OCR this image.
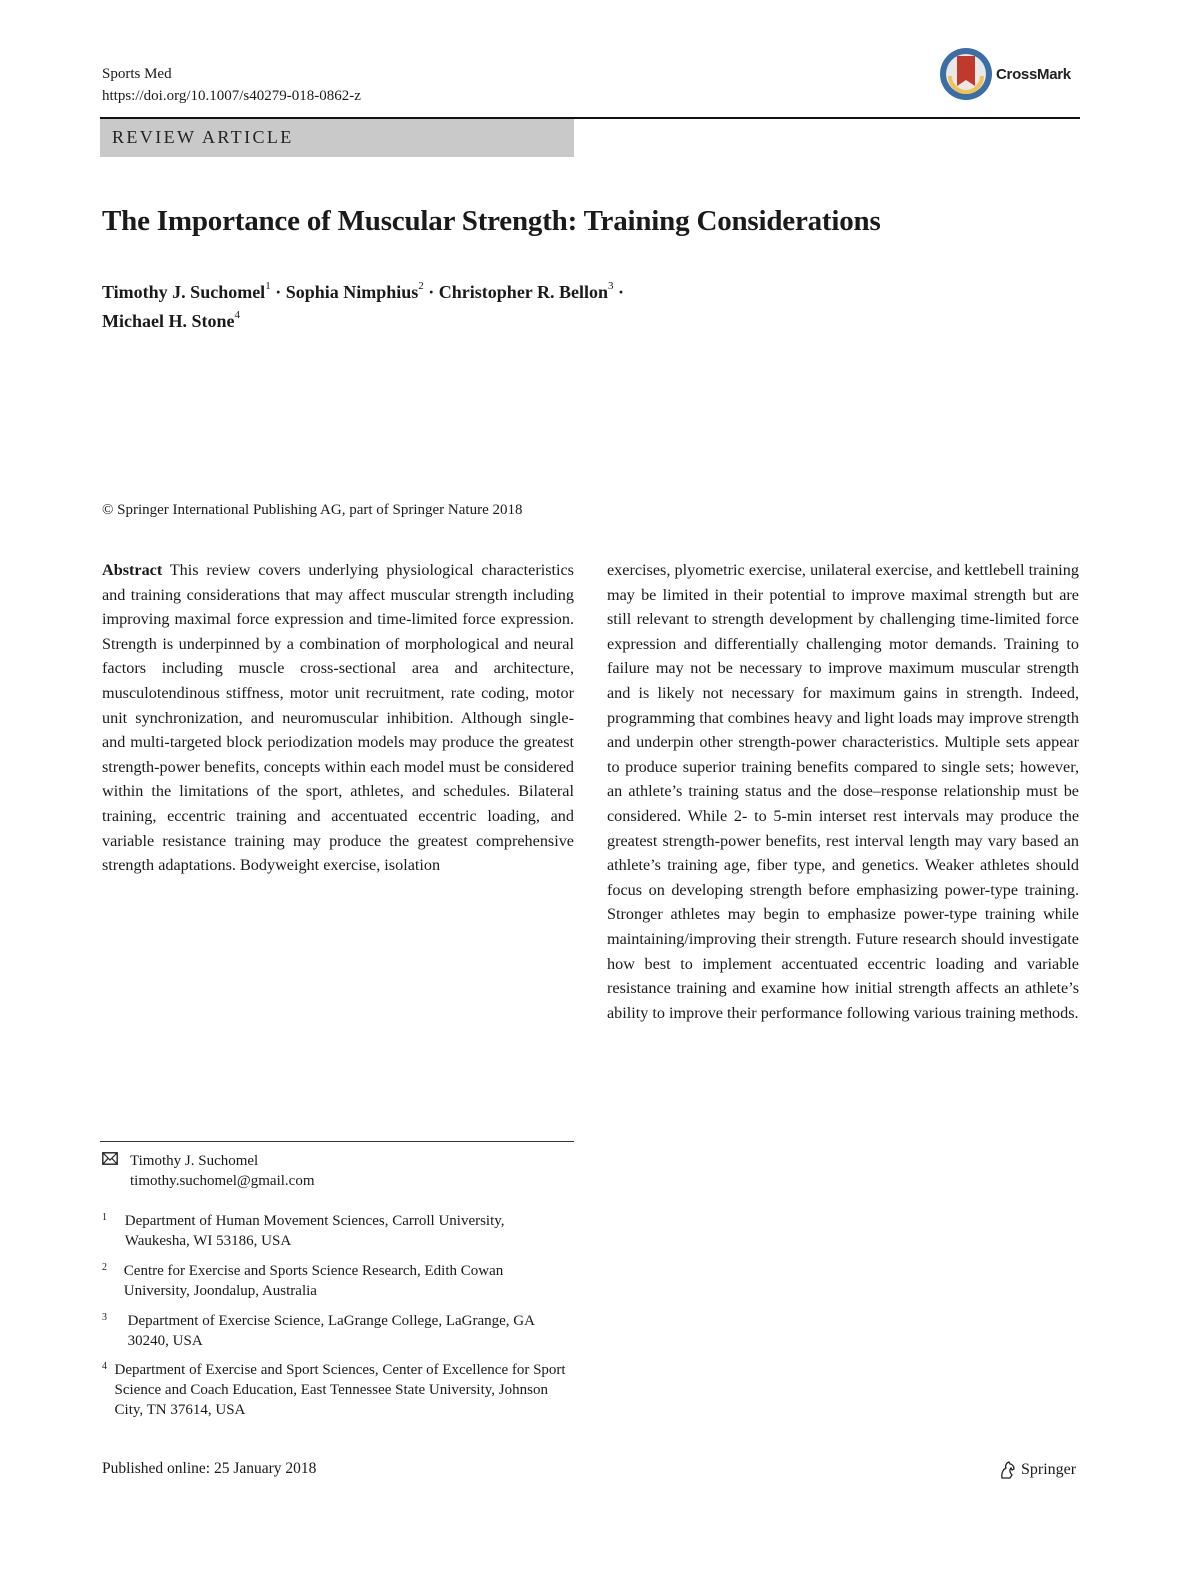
Sports Med
https://doi.org/10.1007/s40279-018-0862-z
CrossMark
REVIEW ARTICLE
The Importance of Muscular Strength: Training Considerations
Timothy J. Suchomel$^1$ · Sophia Nimphius$^2$ · Christopher R. Bellon$^3$ ·
Michael H. Stone$^4$
© Springer International Publishing AG, part of Springer Nature 2018
Abstract This review covers underlying physiological characteristics and training considerations that may affect muscular strength including improving maximal force expression and time-limited force expression. Strength is underpinned by a combination of morphological and neural factors including muscle cross-sectional area and architecture, musculotendinous stiffness, motor unit recruitment, rate coding, motor unit synchronization, and neuromuscular inhibition. Although single- and multi-targeted block periodization models may produce the greatest strength-power benefits, concepts within each model must be considered within the limitations of the sport, athletes, and schedules. Bilateral training, eccentric training and accentuated eccentric loading, and variable resistance training may produce the greatest comprehensive strength adaptations. Bodyweight exercise, isolation
exercises, plyometric exercise, unilateral exercise, and kettlebell training may be limited in their potential to improve maximal strength but are still relevant to strength development by challenging time-limited force expression and differentially challenging motor demands. Training to failure may not be necessary to improve maximum muscular strength and is likely not necessary for maximum gains in strength. Indeed, programming that combines heavy and light loads may improve strength and underpin other strength-power characteristics. Multiple sets appear to produce superior training benefits compared to single sets; however, an athlete’s training status and the dose–response relationship must be considered. While 2- to 5-min interset rest intervals may produce the greatest strength-power benefits, rest interval length may vary based an athlete’s training age, fiber type, and genetics. Weaker athletes should focus on developing strength before emphasizing power-type training. Stronger athletes may begin to emphasize power-type training while maintaining/improving their strength. Future research should investigate how best to implement accentuated eccentric loading and variable resistance training and examine how initial strength affects an athlete’s ability to improve their performance following various training methods.
Timothy J. Suchomel
timothy.suchomel@gmail.com
1	Department of Human Movement Sciences, Carroll University, Waukesha, WI 53186, USA
2	Centre for Exercise and Sports Science Research, Edith Cowan University, Joondalup, Australia
3	Department of Exercise Science, LaGrange College, LaGrange, GA 30240, USA
4 Department of Exercise and Sport Sciences, Center of Excellence for Sport Science and Coach Education, East Tennessee State University, Johnson City, TN 37614, USA
Published online: 25 January 2018	Springer
